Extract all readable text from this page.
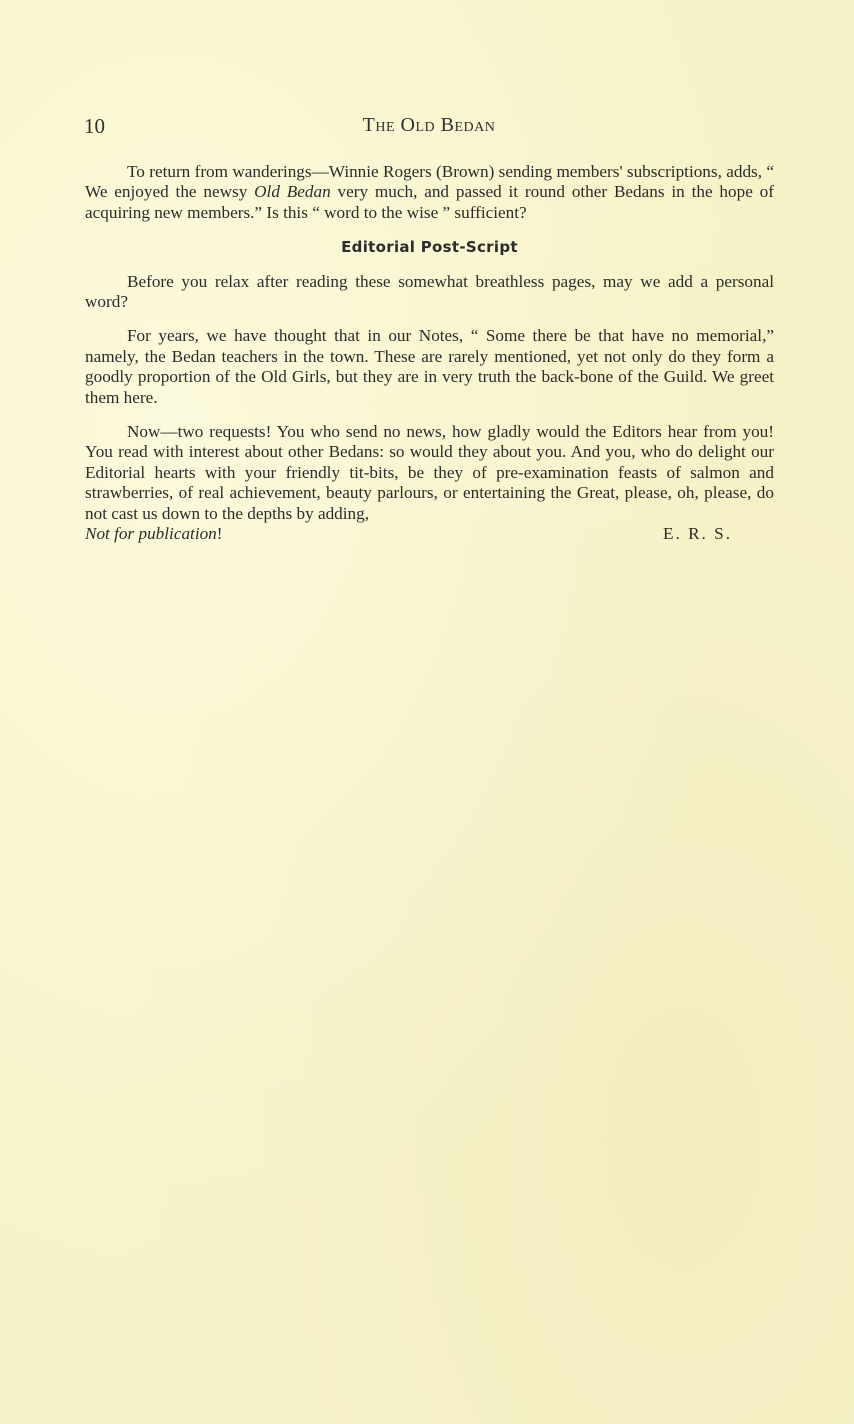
10	The Old Bedan

To return from wanderings—Winnie Rogers (Brown) sending members' subscriptions, adds, “ We enjoyed the newsy Old Bedan very much, and passed it round other Bedans in the hope of acquiring new members.” Is this “ word to the wise ” sufficient?

Editorial Post-Script

Before you relax after reading these somewhat breathless pages, may we add a personal word?

For years, we have thought that in our Notes, “ Some there be that have no memorial,” namely, the Bedan teachers in the town. These are rarely mentioned, yet not only do they form a goodly proportion of the Old Girls, but they are in very truth the back-bone of the Guild. We greet them here.

Now—two requests! You who send no news, how gladly would the Editors hear from you! You read with interest about other Bedans: so would they about you. And you, who do delight our Editorial hearts with your friendly tit-bits, be they of pre-examination feasts of salmon and strawberries, of real achievement, beauty parlours, or entertaining the Great, please, oh, please, do not cast us down to the depths by adding,

Not for publication!	E. R. S.
